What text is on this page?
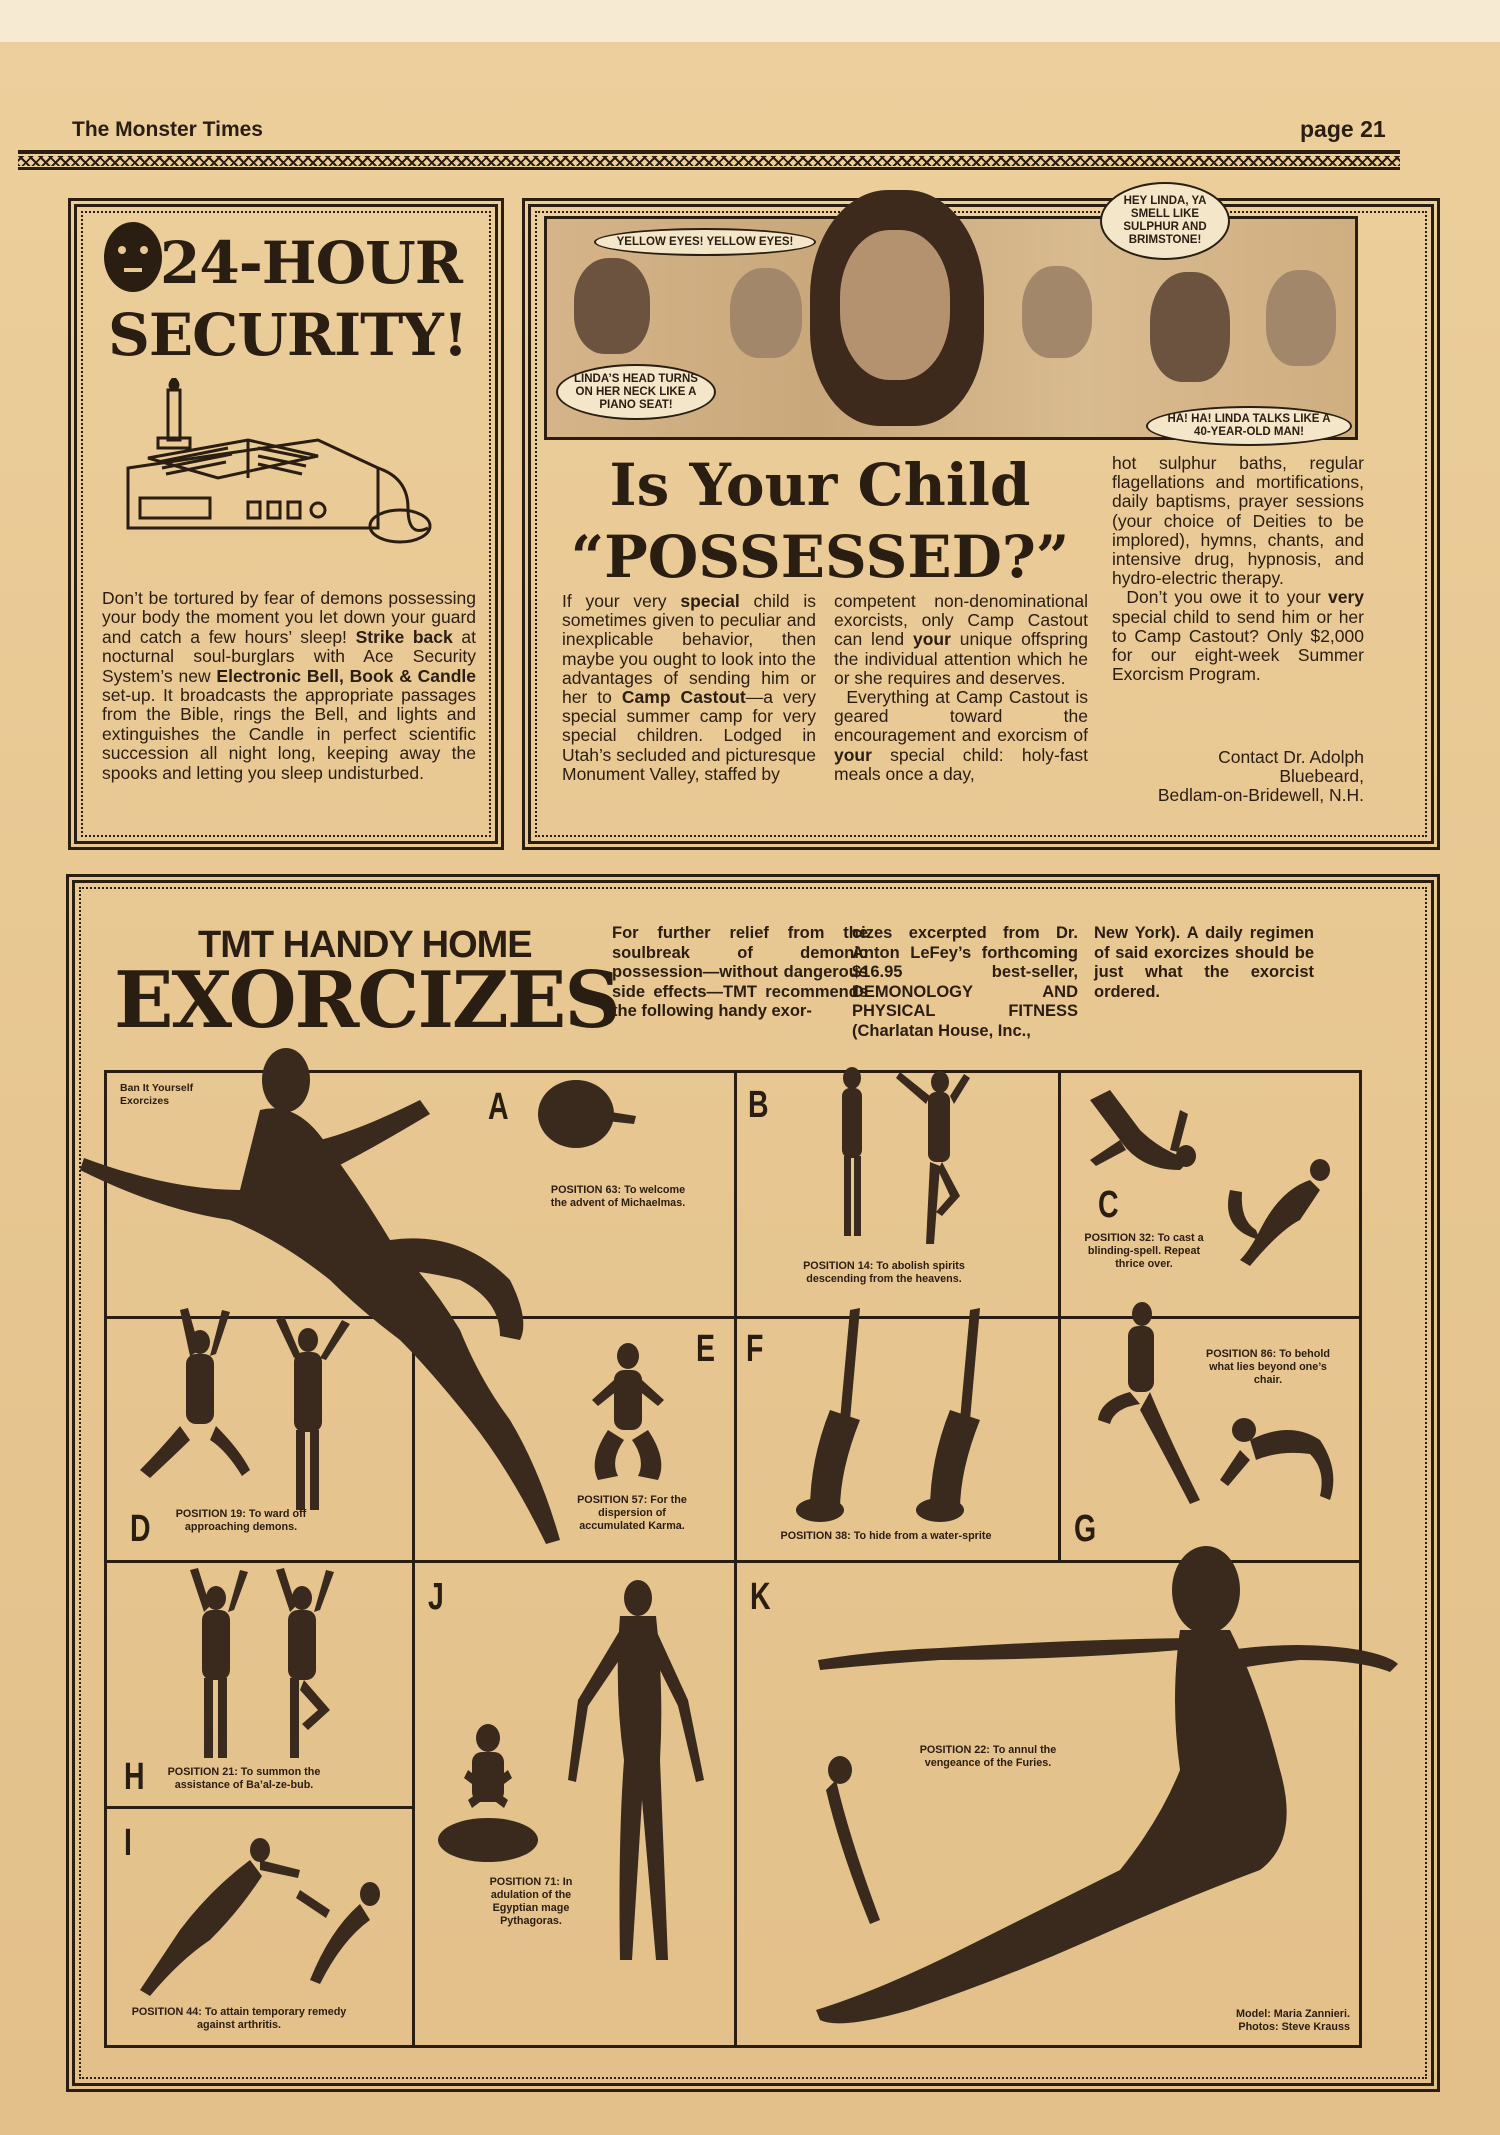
The Monster Times	page 21
24-HOUR
SECURITY!
Don’t be tortured by fear of demons possessing your body the moment you let down your guard and catch a few hours’ sleep! Strike back at nocturnal soul-burglars with Ace Security System’s new Electronic Bell, Book & Candle set-up. It broadcasts the appropriate passages from the Bible, rings the Bell, and lights and extinguishes the Candle in perfect scientific succession all night long, keeping away the spooks and letting you sleep undisturbed.
YELLOW EYES! YELLOW EYES!
LINDA’S HEAD TURNS ON HER NECK LIKE A PIANO SEAT!
HEY LINDA, YA SMELL LIKE SULPHUR AND BRIMSTONE!
HA! HA! LINDA TALKS LIKE A 40-YEAR-OLD MAN!
Is Your Child
“POSSESSED?”
If your very special child is sometimes given to peculiar and inexplicable behavior, then maybe you ought to look into the advantages of sending him or her to Camp Castout—a very special summer camp for very special children. Lodged in Utah’s secluded and picturesque Monument Valley, staffed by
competent non-denominational exorcists, only Camp Castout can lend your unique offspring the individual attention which he or she requires and deserves.
Everything at Camp Castout is geared toward the encouragement and exorcism of your special child: holy-fast meals once a day,
hot sulphur baths, regular flagellations and mortifications, daily baptisms, prayer sessions (your choice of Deities to be implored), hymns, chants, and intensive drug, hypnosis, and hydro-electric therapy.
Don’t you owe it to your very special child to send him or her to Camp Castout? Only $2,000 for our eight-week Summer Exorcism Program.
Contact Dr. Adolph
Bluebeard,
Bedlam-on-Bridewell, N.H.
TMT HANDY HOME
EXORCIZES
For further relief from the soulbreak of demonic possession—without dangerous side effects—TMT recommends the following handy exor-
cizes excerpted from Dr. Anton LeFey’s forthcoming $16.95 best-seller, DEMONOLOGY AND PHYSICAL FITNESS (Charlatan House, Inc.,
New York). A daily regimen of said exorcizes should be just what the exorcist ordered.
Ban It Yourself Exorcizes	A	B
C
D
E F
G
H
I
J	K
POSITION 63: To welcome the advent of Michaelmas.
POSITION 14: To abolish spirits descending from the heavens.
POSITION 32: To cast a blinding-spell. Repeat thrice over.
POSITION 19: To ward off approaching demons.
POSITION 57: For the dispersion of accumulated Karma.
POSITION 38: To hide from a water-sprite
POSITION 86: To behold what lies beyond one’s chair.
POSITION 21: To summon the assistance of Ba’al-ze-bub.
POSITION 22: To annul the vengeance of the Furies.
POSITION 71: In adulation of the Egyptian mage Pythagoras.
POSITION 44: To attain temporary remedy against arthritis.
Model: Maria Zannieri.
Photos: Steve Krauss
